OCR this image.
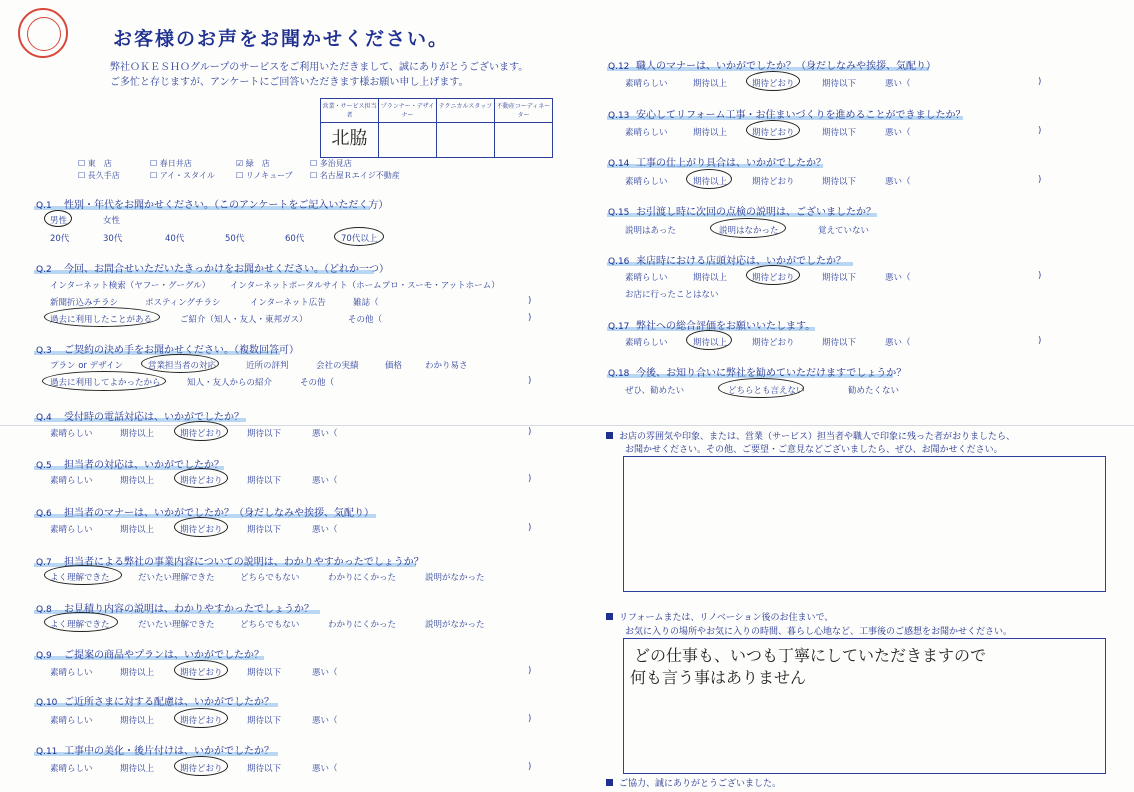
お客様のお声をお聞かせください。
弊社ＯＫＥＳＨＯグループのサービスをご利用いただきまして、誠にありがとうございます。
ご多忙と存じますが、アンケートにご回答いただきます様お願い申し上げます。
営業・サービス担当者	プランナー・デザイナー	テクニカルスタッフ	不動産コーディネーター
北脇			
☐ 東　店	☐ 春日井店	☑ 緑　店	☐ 多治見店
☐ 長久手店	☐ アイ・スタイル	☐ リノキューブ ☐ 名古屋Ｒエイジ不動産
Q.1 性別・年代をお聞かせください。（このアンケートをご記入いただく方）
男性	女性
20代	30代	40代	50代	60代	70代以上
Q.2 今回、お問合せいただいたきっかけをお聞かせください。（どれか一つ）
インターネット検索（ヤフー・グーグル） インターネットポータルサイト（ホームプロ・スーモ・アットホーム）
新聞折込みチラシ	ポスティングチラシ	インターネット広告	雑誌（	)
過去に利用したことがある	ご紹介（知人・友人・東邦ガス）	その他（	)
Q.3 ご契約の決め手をお聞かせください。（複数回答可）
プラン or デザイン	営業担当者の対応	近所の評判	会社の実績	価格	わかり易さ
過去に利用してよかったから	知人・友人からの紹介	その他（	)
Q.4 受付時の電話対応は、いかがでしたか？
素晴らしい	期待以上	期待どおり	期待以下	悪い（	)
Q.5 担当者の対応は、いかがでしたか？
素晴らしい	期待以上	期待どおり	期待以下	悪い（	)
Q.6 担当者のマナーは、いかがでしたか？（身だしなみや挨拶、気配り）
素晴らしい	期待以上	期待どおり	期待以下	悪い（	)
Q.7 担当者による弊社の事業内容についての説明は、わかりやすかったでしょうか？
よく理解できた	だいたい理解できた	どちらでもない	わかりにくかった	説明がなかった
Q.8 お見積り内容の説明は、わかりやすかったでしょうか？
よく理解できた	だいたい理解できた	どちらでもない	わかりにくかった	説明がなかった
Q.9 ご提案の商品やプランは、いかがでしたか？
素晴らしい	期待以上	期待どおり	期待以下	悪い（	)
Q.10 ご近所さまに対する配慮は、いかがでしたか？
素晴らしい	期待以上	期待どおり	期待以下	悪い（	)
Q.11 工事中の美化・後片付けは、いかがでしたか？
素晴らしい	期待以上	期待どおり	期待以下	悪い（	)
Q.12 職人のマナーは、いかがでしたか？（身だしなみや挨拶、気配り）
素晴らしい	期待以上	期待どおり	期待以下	悪い（	)
Q.13 安心してリフォーム工事・お住まいづくりを進めることができましたか？
素晴らしい	期待以上	期待どおり	期待以下	悪い（	)
Q.14 工事の仕上がり具合は、いかがでしたか？
素晴らしい	期待以上	期待どおり	期待以下	悪い（	)
Q.15 お引渡し時に次回の点検の説明は、ございましたか？
説明はあった	説明はなかった	覚えていない
Q.16 来店時における店頭対応は、いかがでしたか？
素晴らしい	期待以上	期待どおり	期待以下	悪い（	)
お店に行ったことはない
Q.17 弊社への総合評価をお願いいたします。
素晴らしい	期待以上	期待どおり	期待以下	悪い（	)
Q.18 今後、お知り合いに弊社を勧めていただけますでしょうか？
ぜひ、勧めたい	どちらとも言えない	勧めたくない
お店の雰囲気や印象、または、営業（サービス）担当者や職人で印象に残った者がおりましたら、
お聞かせください。その他、ご要望・ご意見などございましたら、ぜひ、お聞かせください。
リフォームまたは、リノベーション後のお住まいで、
お気に入りの場所やお気に入りの時間、暮らし心地など、工事後のご感想をお聞かせください。
どの仕事も、いつも丁寧にしていただきますので
何も言う事はありません
ご協力、誠にありがとうございました。
